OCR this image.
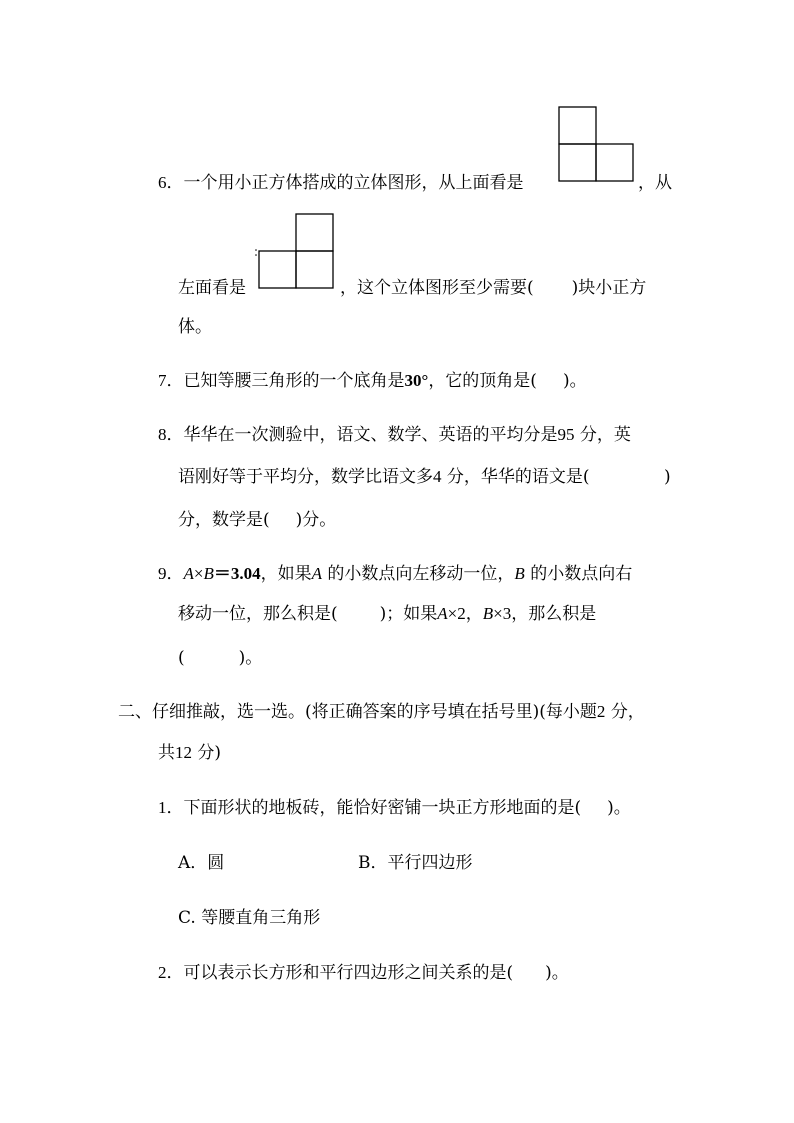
6．一个用小正方体搭成的立体图形，从上面看是	，从
左面看是	，这个立体图形至少需要( )块小正方
体。
7．已知等腰三角形的一个底角是30°，它的顶角是( )。
8．华华在一次测验中，语文、数学、英语的平均分是95 分，英
语刚好等于平均分，数学比语文多4 分，华华的语文是(	)
分，数学是( )分。
9．A×B＝3.04，如果A 的小数点向左移动一位，B 的小数点向右
移动一位，那么积是( )；如果A×2，B×3，那么积是
(	)。
二、仔细推敲，选一选。(将正确答案的序号填在括号里)(每小题2 分，
共12 分)
1．下面形状的地板砖，能恰好密铺一块正方形地面的是( )。
A．圆	B．平行四边形
C. 等腰直角三角形
2．可以表示长方形和平行四边形之间关系的是( )。
